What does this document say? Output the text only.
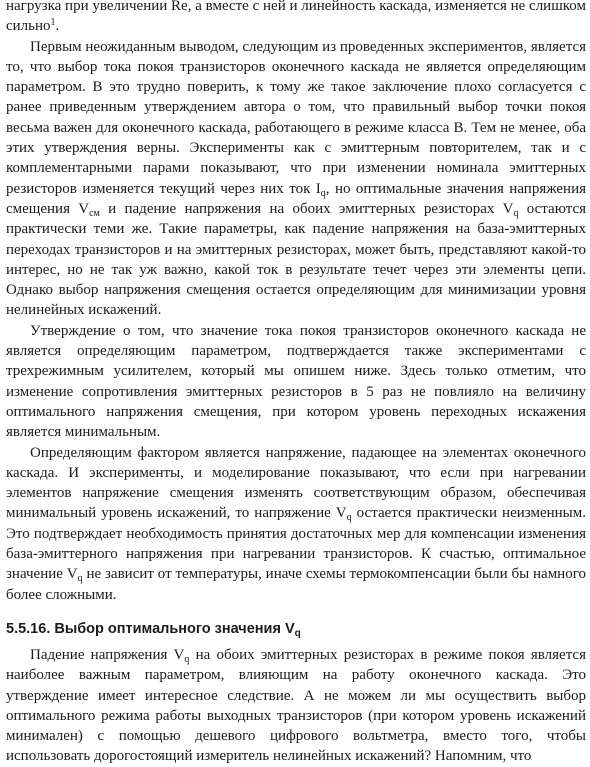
нагрузка при увеличении Re, а вместе с ней и линейность каскада, изменяется не слишком сильно$^1$.

Первым неожиданным выводом, следующим из проведенных экспериментов, является то, что выбор тока покоя транзисторов оконечного каскада не является определяющим параметром. В это трудно поверить, к тому же такое заключение плохо согласуется с ранее приведенным утверждением автора о том, что правильный выбор точки покоя весьма важен для оконечного каскада, работающего в режиме класса B. Тем не менее, оба этих утверждения верны. Эксперименты как с эмиттерным повторителем, так и с комплементарными парами показывают, что при изменении номинала эмиттерных резисторов изменяется текущий через них ток $I_q$, но оптимальные значения напряжения смещения $V_{см}$ и падение напряжения на обоих эмиттерных резисторах $V_q$ остаются практически теми же. Такие параметры, как падение напряжения на база-эмиттерных переходах транзисторов и на эмиттерных резисторах, может быть, представляют какой-то интерес, но не так уж важно, какой ток в результате течет через эти элементы цепи. Однако выбор напряжения смещения остается определяющим для минимизации уровня нелинейных искажений.

Утверждение о том, что значение тока покоя транзисторов оконечного каскада не является определяющим параметром, подтверждается также экспериментами с трехрежимным усилителем, который мы опишем ниже. Здесь только отметим, что изменение сопротивления эмиттерных резисторов в 5 раз не повлияло на величину оптимального напряжения смещения, при котором уровень переходных искажения является минимальным.

Определяющим фактором является напряжение, падающее на элементах оконечного каскада. И эксперименты, и моделирование показывают, что если при нагревании элементов напряжение смещения изменять соответствующим образом, обеспечивая минимальный уровень искажений, то напряжение $V_q$ остается практически неизменным. Это подтверждает необходимость принятия достаточных мер для компенсации изменения база-эмиттерного напряжения при нагревании транзисторов. К счастью, оптимальное значение $V_q$ не зависит от температуры, иначе схемы термокомпенсации были бы намного более сложными.

5.5.16. Выбор оптимального значения $V_q$

Падение напряжения $V_q$ на обоих эмиттерных резисторах в режиме покоя является наиболее важным параметром, влияющим на работу оконечного каскада. Это утверждение имеет интересное следствие. А не можем ли мы осуществить выбор оптимального режима работы выходных транзисторов (при котором уровень искажений минимален) с помощью дешевого цифрового вольтметра, вместо того, чтобы использовать дорогостоящий измеритель нелинейных искажений? Напомним, что
